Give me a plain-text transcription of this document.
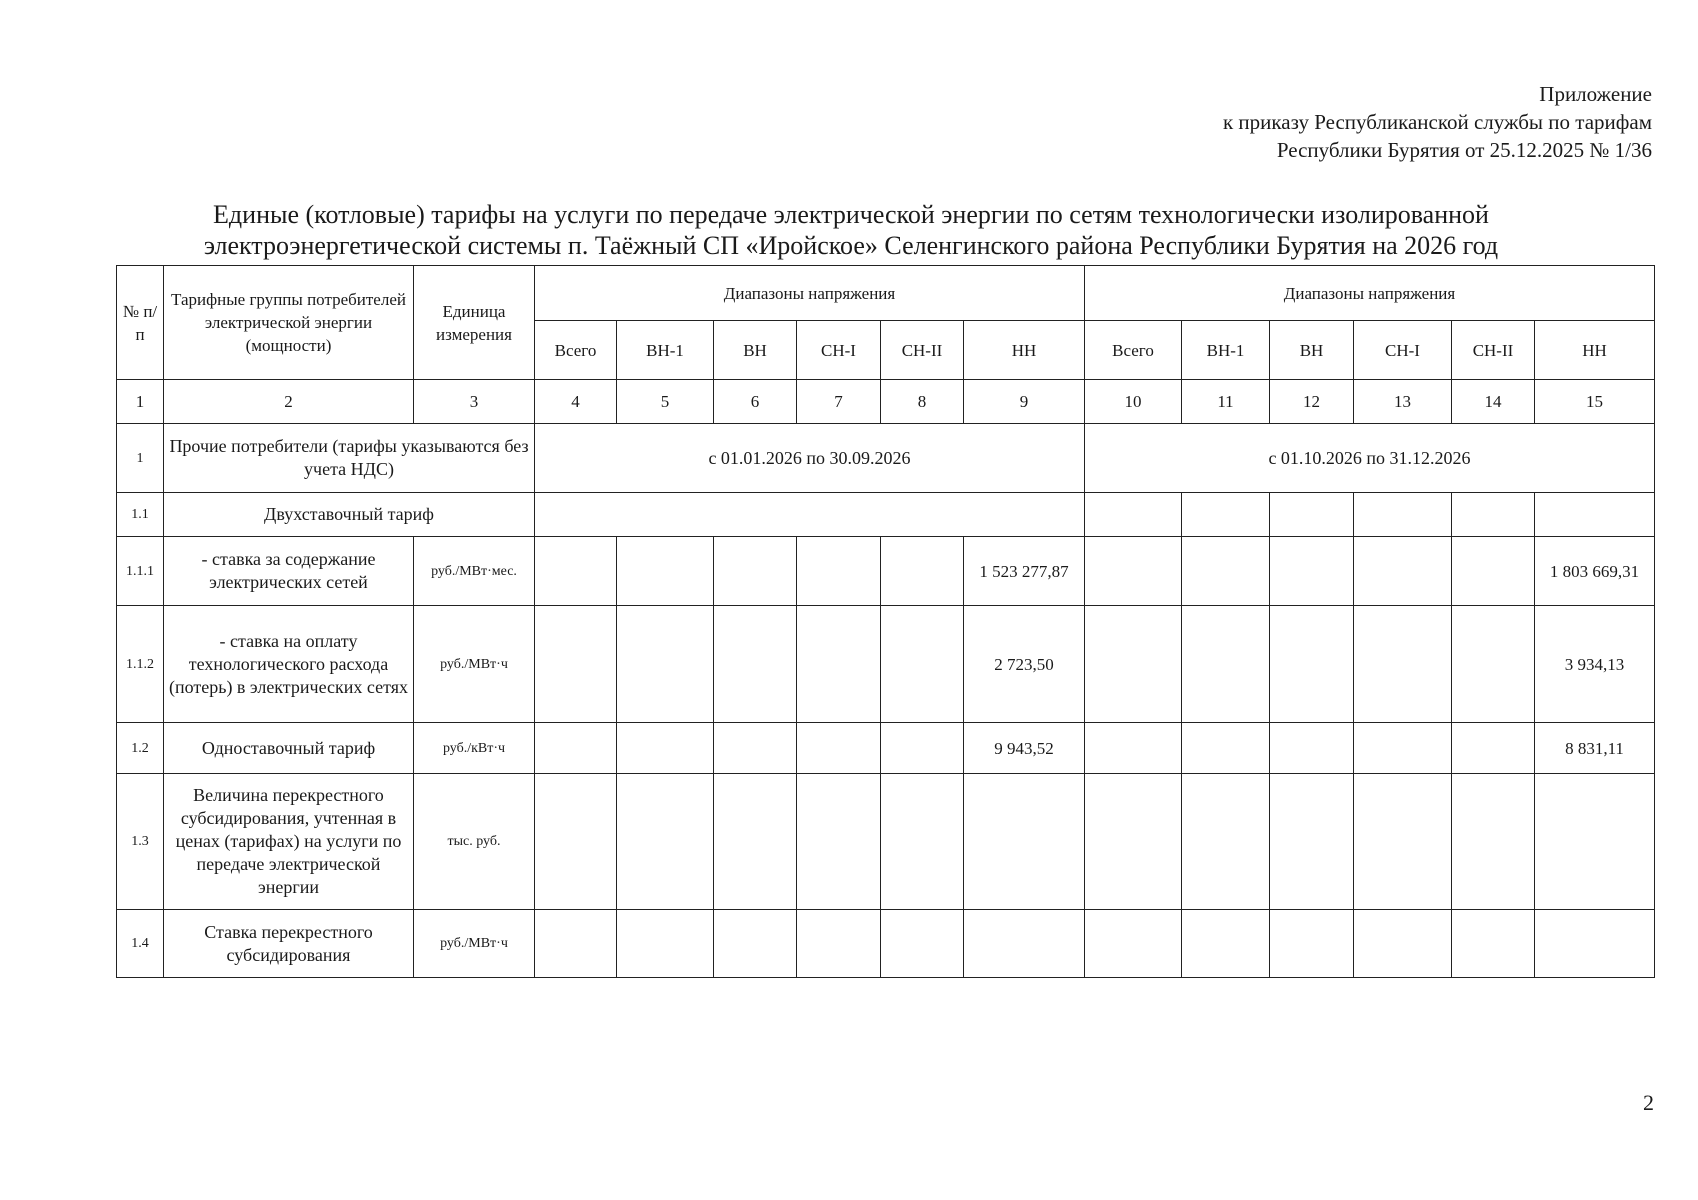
Приложение
к приказу Республиканской службы по тарифам
Республики Бурятия от 25.12.2025 № 1/36
Единые (котловые) тарифы на услуги по передаче электрической энергии по сетям технологически изолированной
электроэнергетической системы п. Таёжный СП «Иройское» Селенгинского района Республики Бурятия на 2026 год
№ п/п	Тарифные группы потребителей электрической энергии (мощности)	Единица измерения	Диапазоны напряжения						Диапазоны напряжения					
			Всего	ВН-1	ВН	СН-I	СН-II	НН	Всего	ВН-1	ВН	СН-I	СН-II	НН
1	2	3	4	5	6	7	8	9	10	11	12	13	14	15
1	Прочие потребители (тарифы указываются без учета НДС)		с 01.01.2026 по 30.09.2026						с 01.10.2026 по 31.12.2026					
1.1	Двухставочный тариф													
1.1.1	- ставка за содержание электрических сетей	руб./МВт·мес.						1 523 277,87						1 803 669,31
1.1.2	- ставка на оплату технологического расхода (потерь) в электрических сетях	руб./МВт·ч						2 723,50						3 934,13
1.2	Одноставочный тариф	руб./кВт·ч						9 943,52						8 831,11
1.3	Величина перекрестного субсидирования, учтенная в ценах (тарифах) на услуги по передаче электрической энергии	тыс. руб.												
1.4	Ставка перекрестного субсидирования	руб./МВт·ч												
2
